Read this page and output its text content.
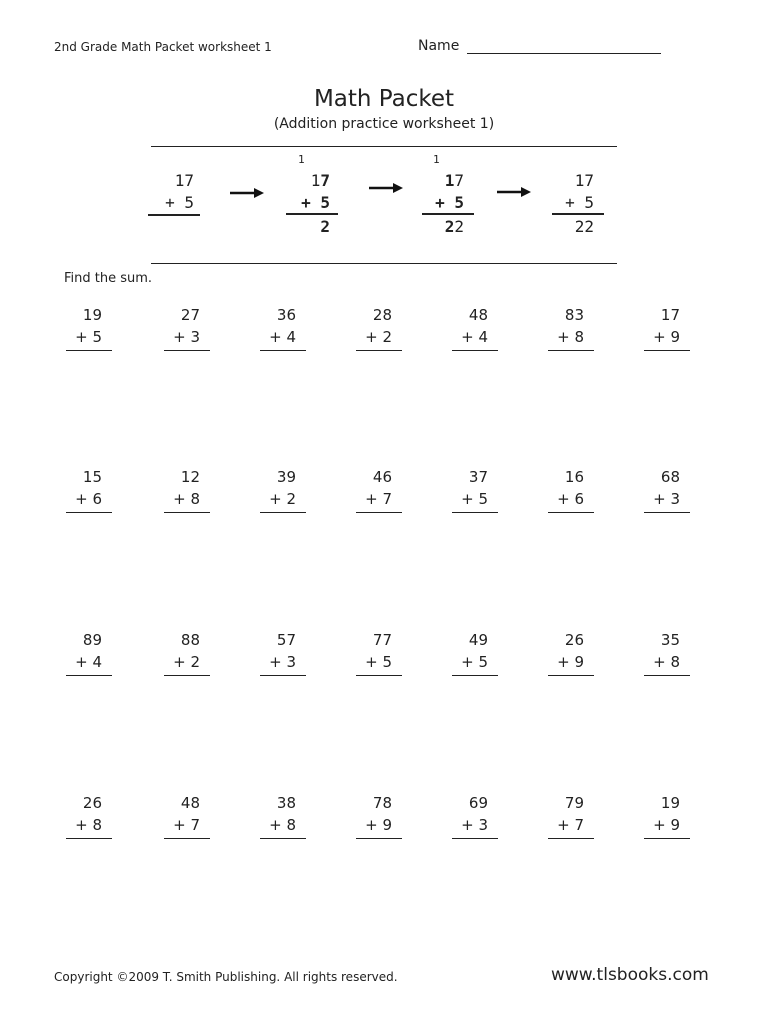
2nd Grade Math Packet worksheet 1	Name
Math Packet
(Addition practice worksheet 1)
17
+ 5
1
17
+ 5
2
1
17
+ 5
22
17
+ 5
22
Find the sum.
19
+ 5
27
+ 3
36
+ 4
28
+ 2
48
+ 4
83
+ 8
17
+ 9
15
+ 6
12
+ 8
39
+ 2
46
+ 7
37
+ 5
16
+ 6
68
+ 3
89
+ 4
88
+ 2
57
+ 3
77
+ 5
49
+ 5
26
+ 9
35
+ 8
26
+ 8
48
+ 7
38
+ 8
78
+ 9
69
+ 3
79
+ 7
19
+ 9
Copyright ©2009 T. Smith Publishing. All rights reserved.	www.tlsbooks.com
